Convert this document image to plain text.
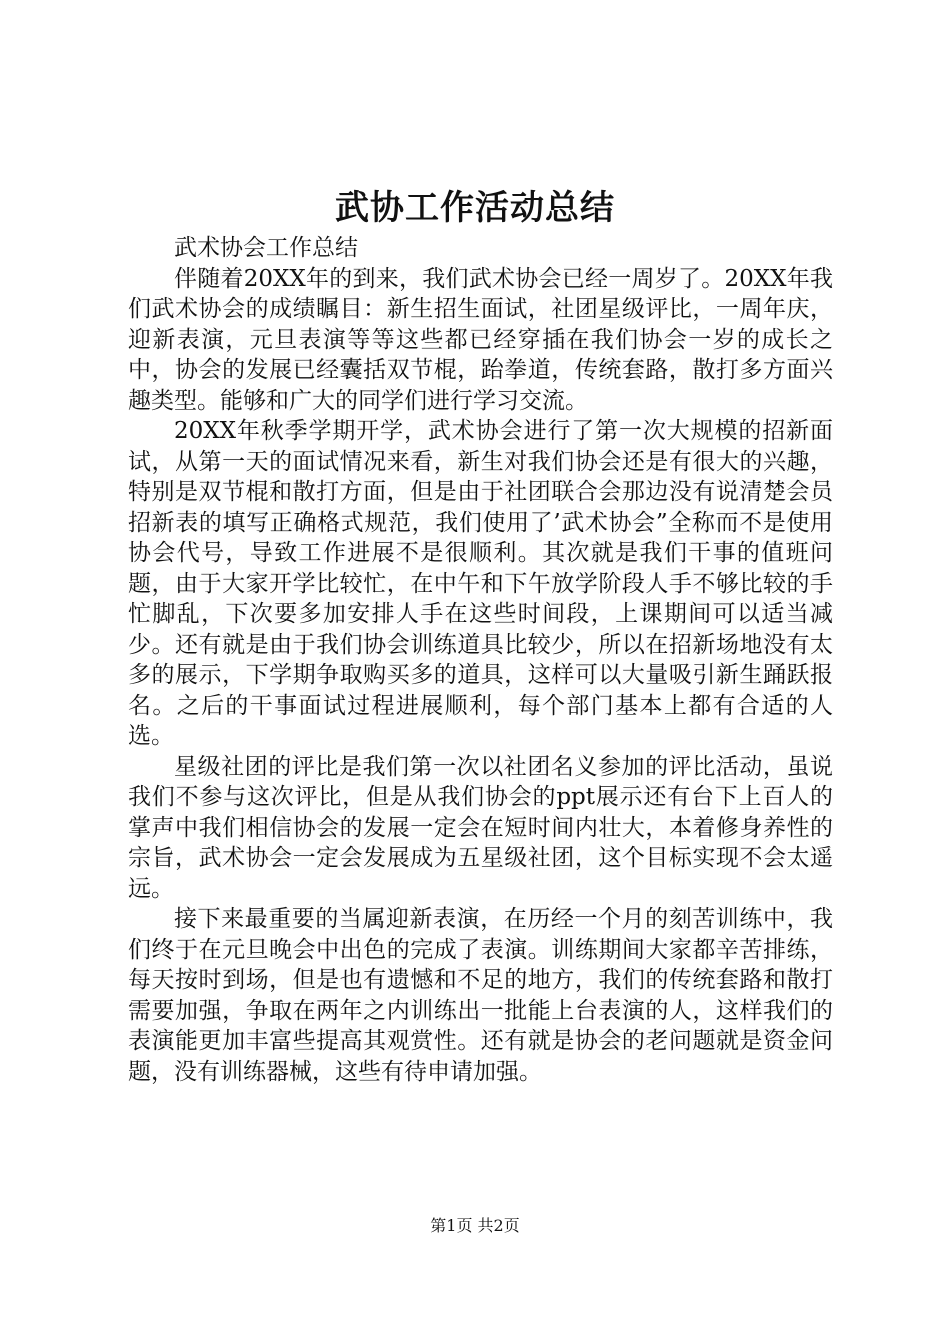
武协工作活动总结

武术协会工作总结

伴随着20XX年的到来，我们武术协会已经一周岁了。20XX年我们武术协会的成绩瞩目：新生招生面试，社团星级评比，一周年庆，迎新表演，元旦表演等等这些都已经穿插在我们协会一岁的成长之中，协会的发展已经囊括双节棍，跆拳道，传统套路，散打多方面兴趣类型。能够和广大的同学们进行学习交流。

20XX年秋季学期开学，武术协会进行了第一次大规模的招新面试，从第一天的面试情况来看，新生对我们协会还是有很大的兴趣，特别是双节棍和散打方面，但是由于社团联合会那边没有说清楚会员招新表的填写正确格式规范，我们使用了’武术协会”全称而不是使用协会代号，导致工作进展不是很顺利。其次就是我们干事的值班问题，由于大家开学比较忙，在中午和下午放学阶段人手不够比较的手忙脚乱，下次要多加安排人手在这些时间段，上课期间可以适当减少。还有就是由于我们协会训练道具比较少，所以在招新场地没有太多的展示，下学期争取购买多的道具，这样可以大量吸引新生踊跃报名。之后的干事面试过程进展顺利，每个部门基本上都有合适的人选。

星级社团的评比是我们第一次以社团名义参加的评比活动，虽说我们不参与这次评比，但是从我们协会的ppt展示还有台下上百人的掌声中我们相信协会的发展一定会在短时间内壮大，本着修身养性的宗旨，武术协会一定会发展成为五星级社团，这个目标实现不会太遥远。

接下来最重要的当属迎新表演，在历经一个月的刻苦训练中，我们终于在元旦晚会中出色的完成了表演。训练期间大家都辛苦排练，每天按时到场，但是也有遗憾和不足的地方，我们的传统套路和散打需要加强，争取在两年之内训练出一批能上台表演的人，这样我们的表演能更加丰富些提高其观赏性。还有就是协会的老问题就是资金问题，没有训练器械，这些有待申请加强。

第1页 共2页
